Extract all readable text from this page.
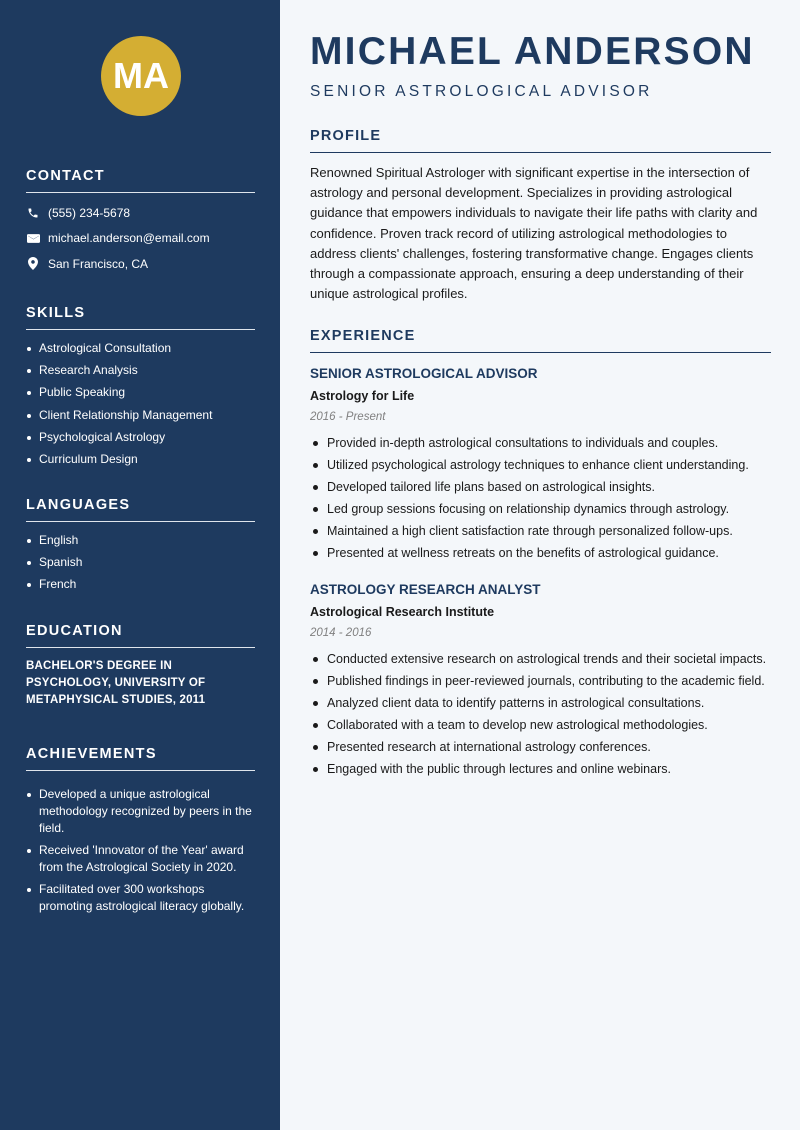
MA
CONTACT
(555) 234-5678
michael.anderson@email.com
San Francisco, CA
SKILLS
Astrological Consultation
Research Analysis
Public Speaking
Client Relationship Management
Psychological Astrology
Curriculum Design
LANGUAGES
English
Spanish
French
EDUCATION
BACHELOR'S DEGREE IN PSYCHOLOGY, UNIVERSITY OF METAPHYSICAL STUDIES, 2011
ACHIEVEMENTS
Developed a unique astrological methodology recognized by peers in the field.
Received 'Innovator of the Year' award from the Astrological Society in 2020.
Facilitated over 300 workshops promoting astrological literacy globally.
MICHAEL ANDERSON
SENIOR ASTROLOGICAL ADVISOR
PROFILE
Renowned Spiritual Astrologer with significant expertise in the intersection of astrology and personal development. Specializes in providing astrological guidance that empowers individuals to navigate their life paths with clarity and confidence. Proven track record of utilizing astrological methodologies to address clients' challenges, fostering transformative change. Engages clients through a compassionate approach, ensuring a deep understanding of their unique astrological profiles.
EXPERIENCE
SENIOR ASTROLOGICAL ADVISOR
Astrology for Life
2016 - Present
Provided in-depth astrological consultations to individuals and couples.
Utilized psychological astrology techniques to enhance client understanding.
Developed tailored life plans based on astrological insights.
Led group sessions focusing on relationship dynamics through astrology.
Maintained a high client satisfaction rate through personalized follow-ups.
Presented at wellness retreats on the benefits of astrological guidance.
ASTROLOGY RESEARCH ANALYST
Astrological Research Institute
2014 - 2016
Conducted extensive research on astrological trends and their societal impacts.
Published findings in peer-reviewed journals, contributing to the academic field.
Analyzed client data to identify patterns in astrological consultations.
Collaborated with a team to develop new astrological methodologies.
Presented research at international astrology conferences.
Engaged with the public through lectures and online webinars.
